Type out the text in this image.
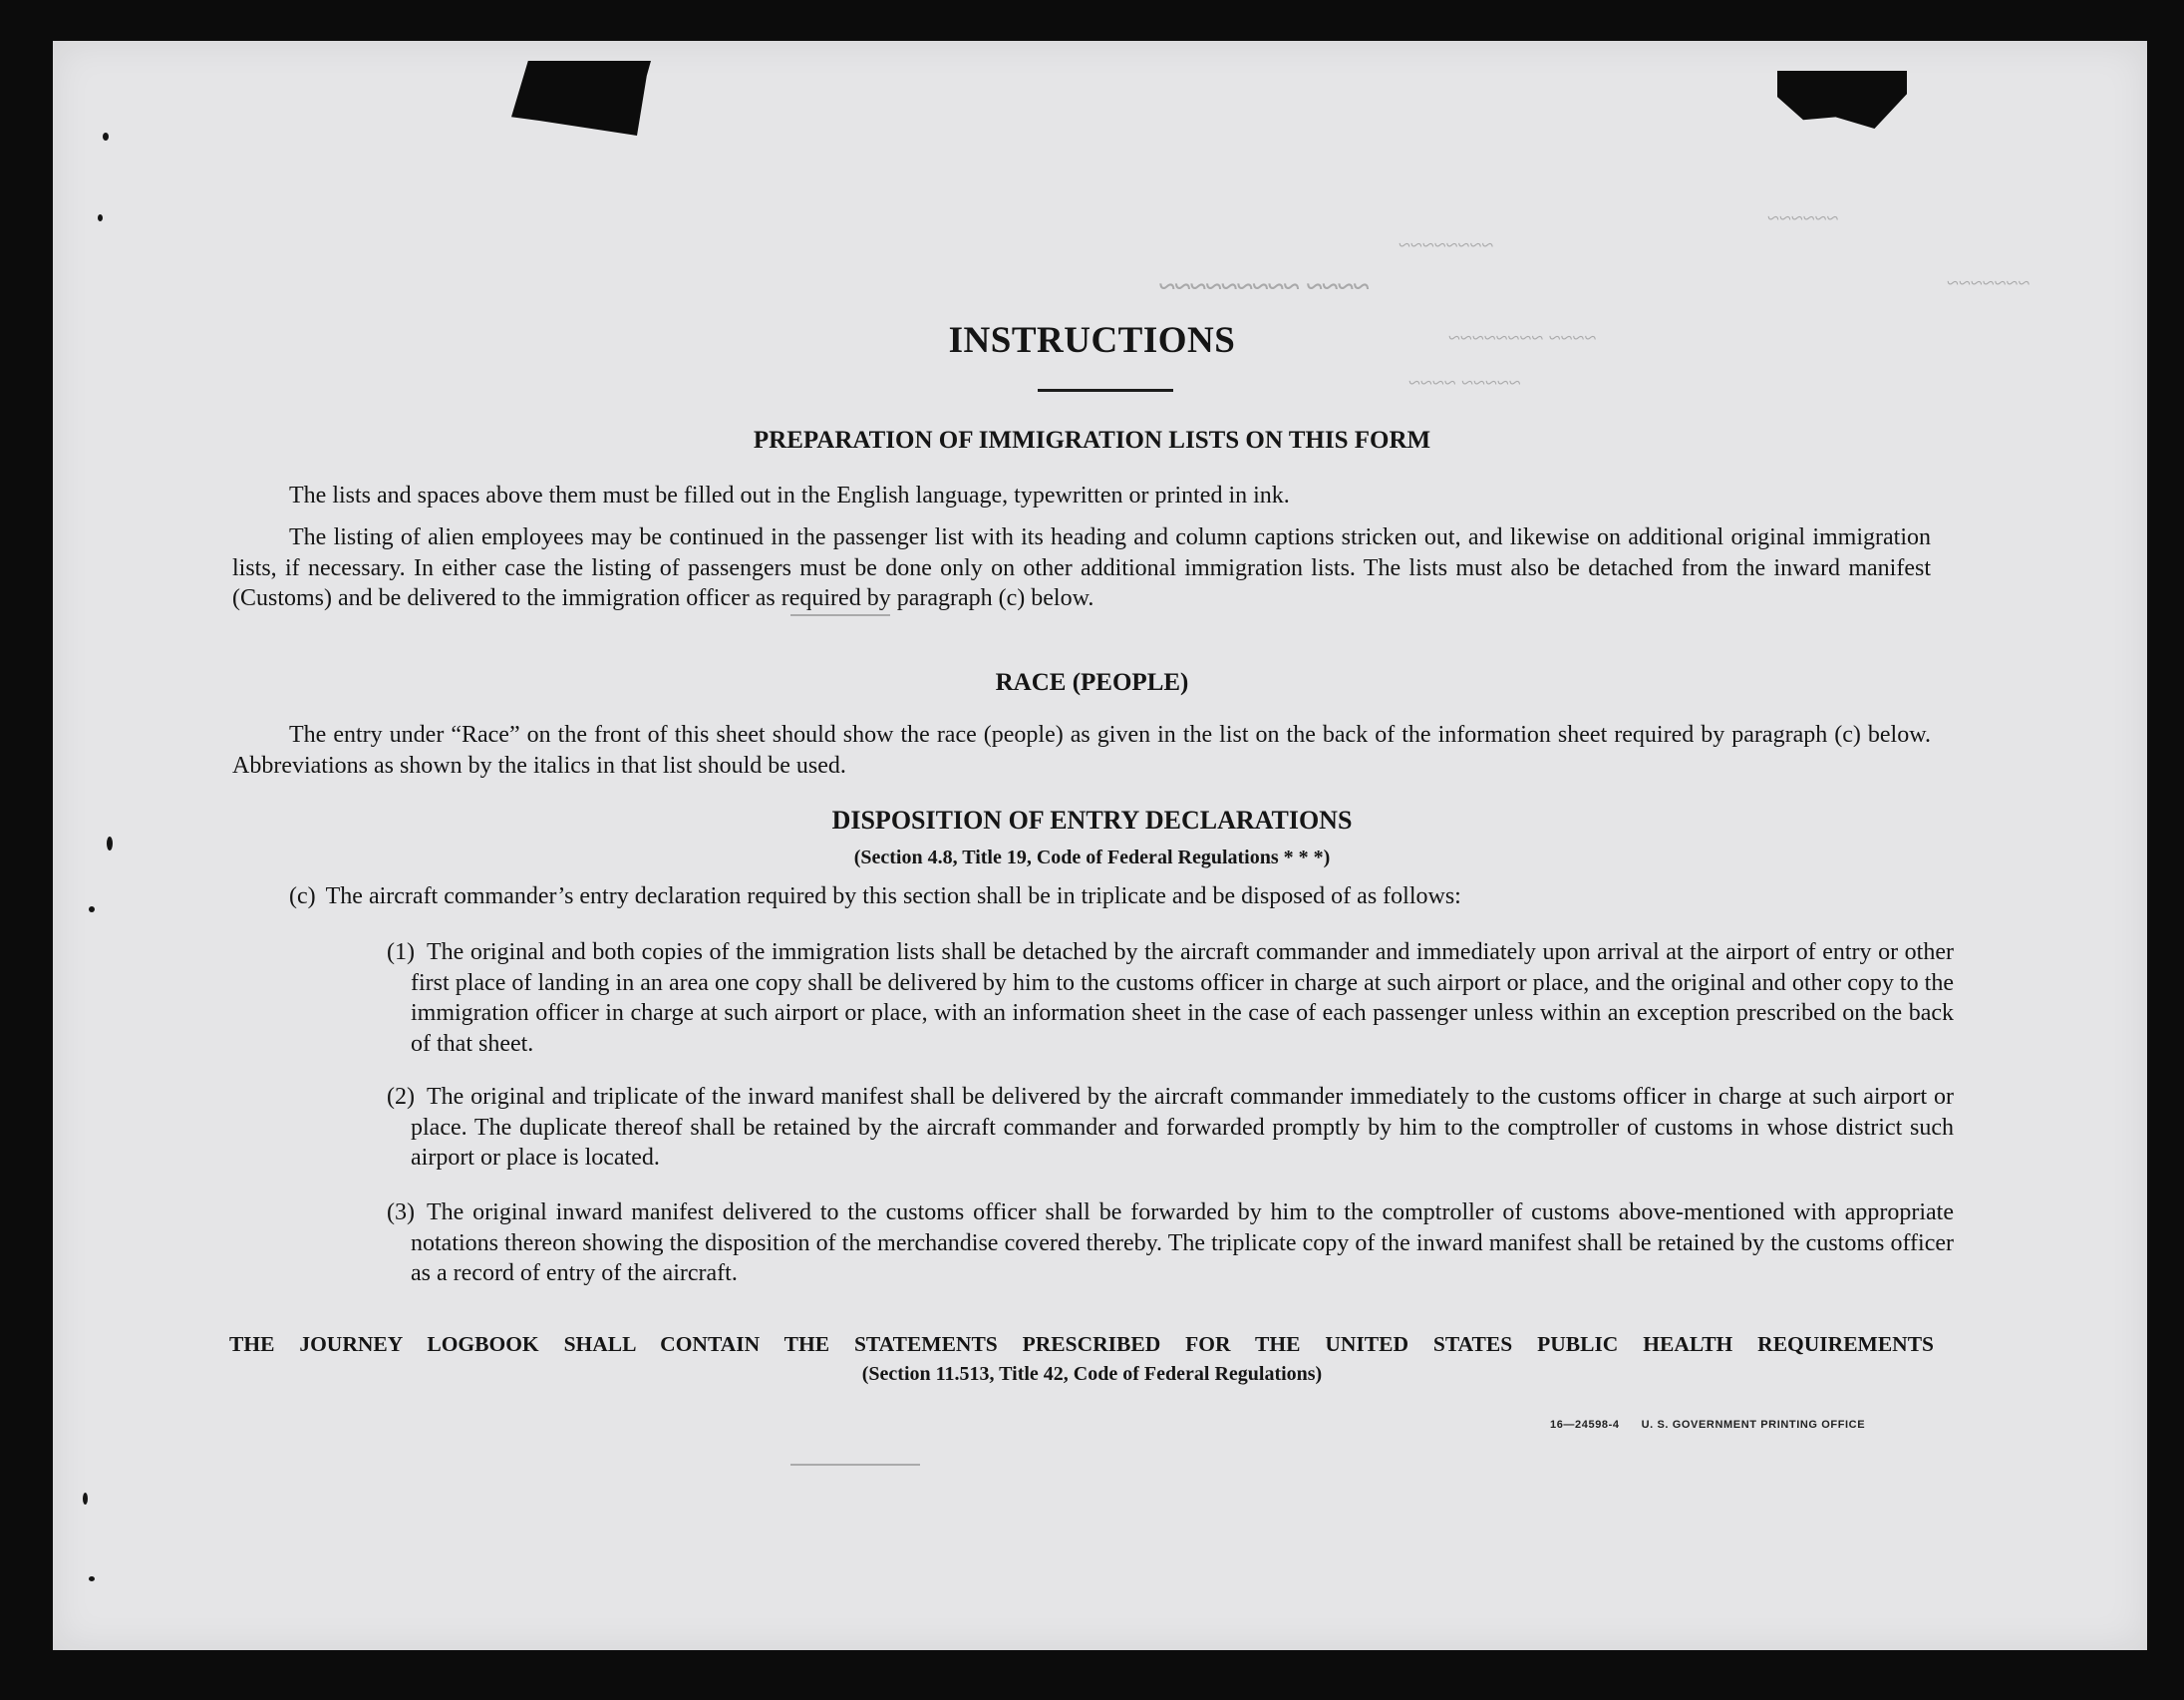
~~~~ ~~~~~~~~~
~~~~~~~~
~~~~ ~~~~~~~~
~~~~~ ~~~~
~~~~~~~
~~~~~~
INSTRUCTIONS
PREPARATION OF IMMIGRATION LISTS ON THIS FORM

The lists and spaces above them must be filled out in the English language, typewritten or printed in ink.

The listing of alien employees may be continued in the passenger list with its heading and column captions stricken out, and likewise on additional original immigration lists, if necessary. In either case the listing of passengers must be done only on other additional immigration lists. The lists must also be detached from the inward manifest (Customs) and be delivered to the immigration officer as required by paragraph (c) below.

RACE (PEOPLE)

The entry under “Race” on the front of this sheet should show the race (people) as given in the list on the back of the information sheet required by paragraph (c) below. Abbreviations as shown by the italics in that list should be used.

DISPOSITION OF ENTRY DECLARATIONS
(Section 4.8, Title 19, Code of Federal Regulations * * *)

(c) The aircraft commander’s entry declaration required by this section shall be in triplicate and be disposed of as follows:

(1) The original and both copies of the immigration lists shall be detached by the aircraft commander and immediately upon arrival at the airport of entry or other first place of landing in an area one copy shall be delivered by him to the customs officer in charge at such airport or place, and the original and other copy to the immigration officer in charge at such airport or place, with an information sheet in the case of each passenger unless within an exception prescribed on the back of that sheet.

(2) The original and triplicate of the inward manifest shall be delivered by the aircraft commander immediately to the customs officer in charge at such airport or place. The duplicate thereof shall be retained by the aircraft commander and forwarded promptly by him to the comptroller of customs in whose district such airport or place is located.

(3) The original inward manifest delivered to the customs officer shall be forwarded by him to the comptroller of customs above-mentioned with appropriate notations thereon showing the disposition of the merchandise covered thereby. The triplicate copy of the inward manifest shall be retained by the customs officer as a record of entry of the aircraft.

THE JOURNEY LOGBOOK SHALL CONTAIN THE STATEMENTS PRESCRIBED FOR THE UNITED STATES PUBLIC HEALTH REQUIREMENTS

(Section 11.513, Title 42, Code of Federal Regulations)
16—24598-4 U. S. GOVERNMENT PRINTING OFFICE
